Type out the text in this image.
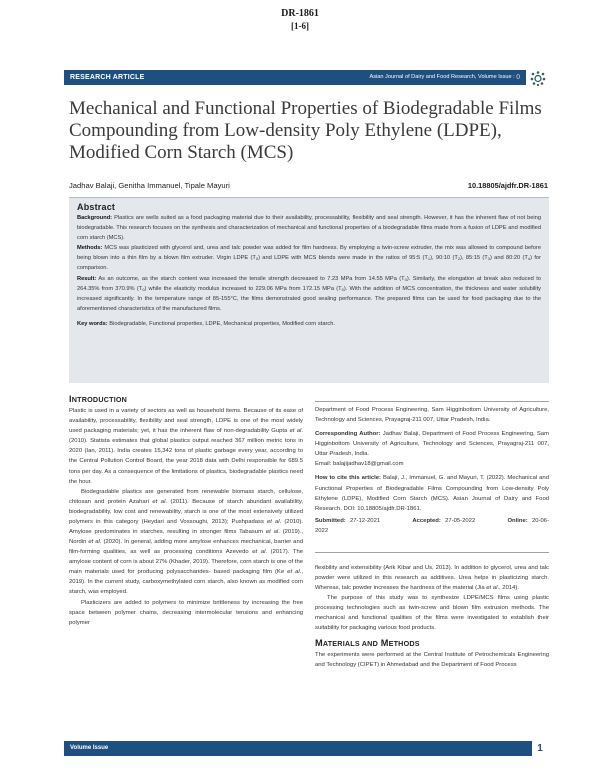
DR-1861
[1-6]
RESEARCH ARTICLE	Asian Journal of Dairy and Food Research, Volume Issue : ()
Mechanical and Functional Properties of Biodegradable Films Compounding from Low-density Poly Ethylene (LDPE), Modified Corn Starch (MCS)
Jadhav Balaji, Genitha Immanuel, Tipale Mayuri	10.18805/ajdfr.DR-1861
Abstract

Background: Plastics are wells suited as a food packaging material due to their availability, processability, flexibility and seal strength. However, it has the inherent flaw of not being biodegradable. This research focuses on the synthesis and characterization of mechanical and functional properties of a biodegradable films made from a fusion of LDPE and modified corn starch (MCS).

Methods: MCS was plasticized with glycerol and, urea and talc powder was added for film hardness. By employing a twin-screw extruder, the mix was allowed to compound before being blown into a thin film by a blown film extruder. Virgin LDPE $(T_0)$ and LDPE with MCS blends were made in the ratios of 95:5 $(T_1)$, 90:10 $(T_2)$, 85:15 $(T_3)$ and 80:20 $(T_4)$ for comparison.

Result: As an outcome, as the starch content was increased the tensile strength decreased to 7.23 MPa from 14.55 MPa $(T_0)$. Similarly, the elongation at break also reduced to 264.35% from 370.9% $(T_0)$ while the elasticity modulus increased to 229.06 MPa from 172.15 MPa $(T_0)$. With the addition of MCS concentration, the thickness and water solubility increased significantly. In the temperature range of 85-155°C, the films demonstrated good sealing performance. The prepared films can be used for food packaging due to the aforementioned characteristics of the manufactured films.

Key words: Biodegradable, Functional properties, LDPE, Mechanical properties, Modified corn starch.

INTRODUCTION

Plastic is used in a variety of sectors as well as household items. Because of its ease of availability, processability, flexibility and seal strength, LDPE is one of the most widely used packaging materials; yet, it has the inherent flaw of non-degradability Gupta et al. (2010). Statista estimates that global plastics output reached 367 million metric tons in 2020 (Ian, 2011). India creates 15,342 tons of plastic garbage every year, according to the Central Pollution Control Board, the year 2018 data with Delhi responsible for 689.5 tons per day. As a consequence of the limitations of plastics, biodegradable plastics need the hour.

Biodegradable plastics are generated from renewable biomass starch, cellulose, chitosan and protein Azahari et al. (2011). Because of starch abundant availability, biodegradability, low cost and renewability, starch is one of the most extensively utilized polymers in this category (Heydari and Vossoughi, 2013); Pushpadass et al. (2010). Amylose predominates in starches, resulting in stronger films Tabasum et al. (2019)., Nordin et al. (2020). In general, adding more amylose enhances mechanical, barrier and film-forming qualities, as well as processing conditions Azevedo et al. (2017). The amylose content of corn is about 27% (Khader, 2019). Therefore, corn starch is one of the main materials used for producing polysaccharides- based packaging film (Ke et al., 2019). In the current study, carboxymethylated corn starch, also known as modified corn starch, was employed.

Plasticizers are added to polymers to minimize brittleness by increasing the free space between polymer chains, decreasing intermolecular tensions and enhancing polymer

Department of Food Process Engineering, Sam Higginbottom University of Agriculture, Technology and Sciences, Prayagraj-211 007, Uttar Pradesh, India.

Corresponding Author: Jadhav Balaji, Department of Food Process Engineering, Sam Higginbottom University of Agriculture, Technology and Sciences, Prayagraj-211 007, Uttar Pradesh, India.

Email: balajijadhav18@gmail.com

How to cite this article: Balaji, J., Immanuel, G. and Mayuri, T. (2022). Mechanical and Functional Properties of Biodegradable Films Compounding from Low-density Poly Ethylene (LDPE), Modified Corn Starch (MCS). Asian Journal of Dairy and Food Research. DOI: 10.18805/ajdfr.DR-1861.

Submitted: 27-12-2021	Accepted: 27-05-2022	Online: 20-06-2022

flexibility and extensibility (Arik Kibar and Us, 2013). In addition to glycerol, urea and talc powder were utilized in this research as additives. Urea helps in plasticizing starch. Whereas, talc powder increases the hardness of the material (Jia et al., 2014).

The purpose of this study was to synthesize LDPE/MCS films using plastic processing technologies such as twin-screw and blown film extrusion methods. The mechanical and functional qualities of the films were investigated to establish their suitability for packaging various food products.

MATERIALS AND METHODS

The experiments were performed at the Central Institute of Petrochemicals Engineering and Technology (CIPET) in Ahmedabad and the Department of Food Process

Volume Issue	1
